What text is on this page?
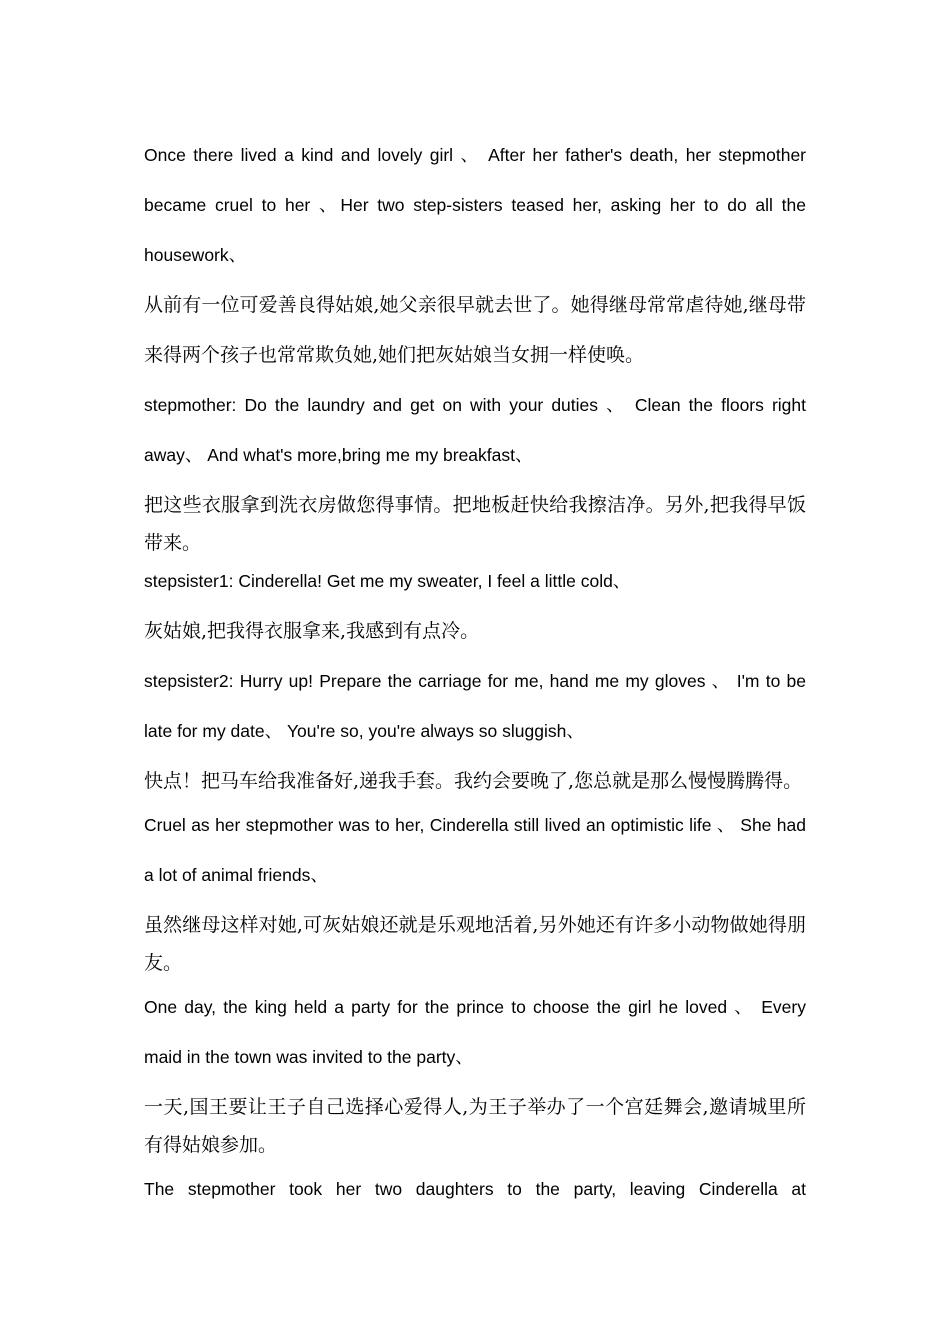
Once there lived a kind and lovely girl 、 After her father's death, her stepmother became cruel to her 、Her two step-sisters teased her, asking her to do all the housework、

从前有一位可爱善良得姑娘,她父亲很早就去世了。她得继母常常虐待她,继母带来得两个孩子也常常欺负她,她们把灰姑娘当女拥一样使唤。

stepmother: Do the laundry and get on with your duties 、 Clean the floors right away、 And what's more,bring me my breakfast、

把这些衣服拿到洗衣房做您得事情。把地板赶快给我擦洁净。另外,把我得早饭带来。

stepsister1: Cinderella! Get me my sweater, I feel a little cold、

灰姑娘,把我得衣服拿来,我感到有点冷。

stepsister2: Hurry up! Prepare the carriage for me, hand me my gloves 、 I'm to be late for my date、 You're so, you're always so sluggish、

快点！把马车给我准备好,递我手套。我约会要晚了,您总就是那么慢慢腾腾得。

Cruel as her stepmother was to her, Cinderella still lived an optimistic life 、 She had a lot of animal friends、

虽然继母这样对她,可灰姑娘还就是乐观地活着,另外她还有许多小动物做她得朋友。

One day, the king held a party for the prince to choose the girl he loved 、 Every maid in the town was invited to the party、

一天,国王要让王子自己选择心爱得人,为王子举办了一个宫廷舞会,邀请城里所有得姑娘参加。

The stepmother took her two daughters to the party, leaving Cinderella at
